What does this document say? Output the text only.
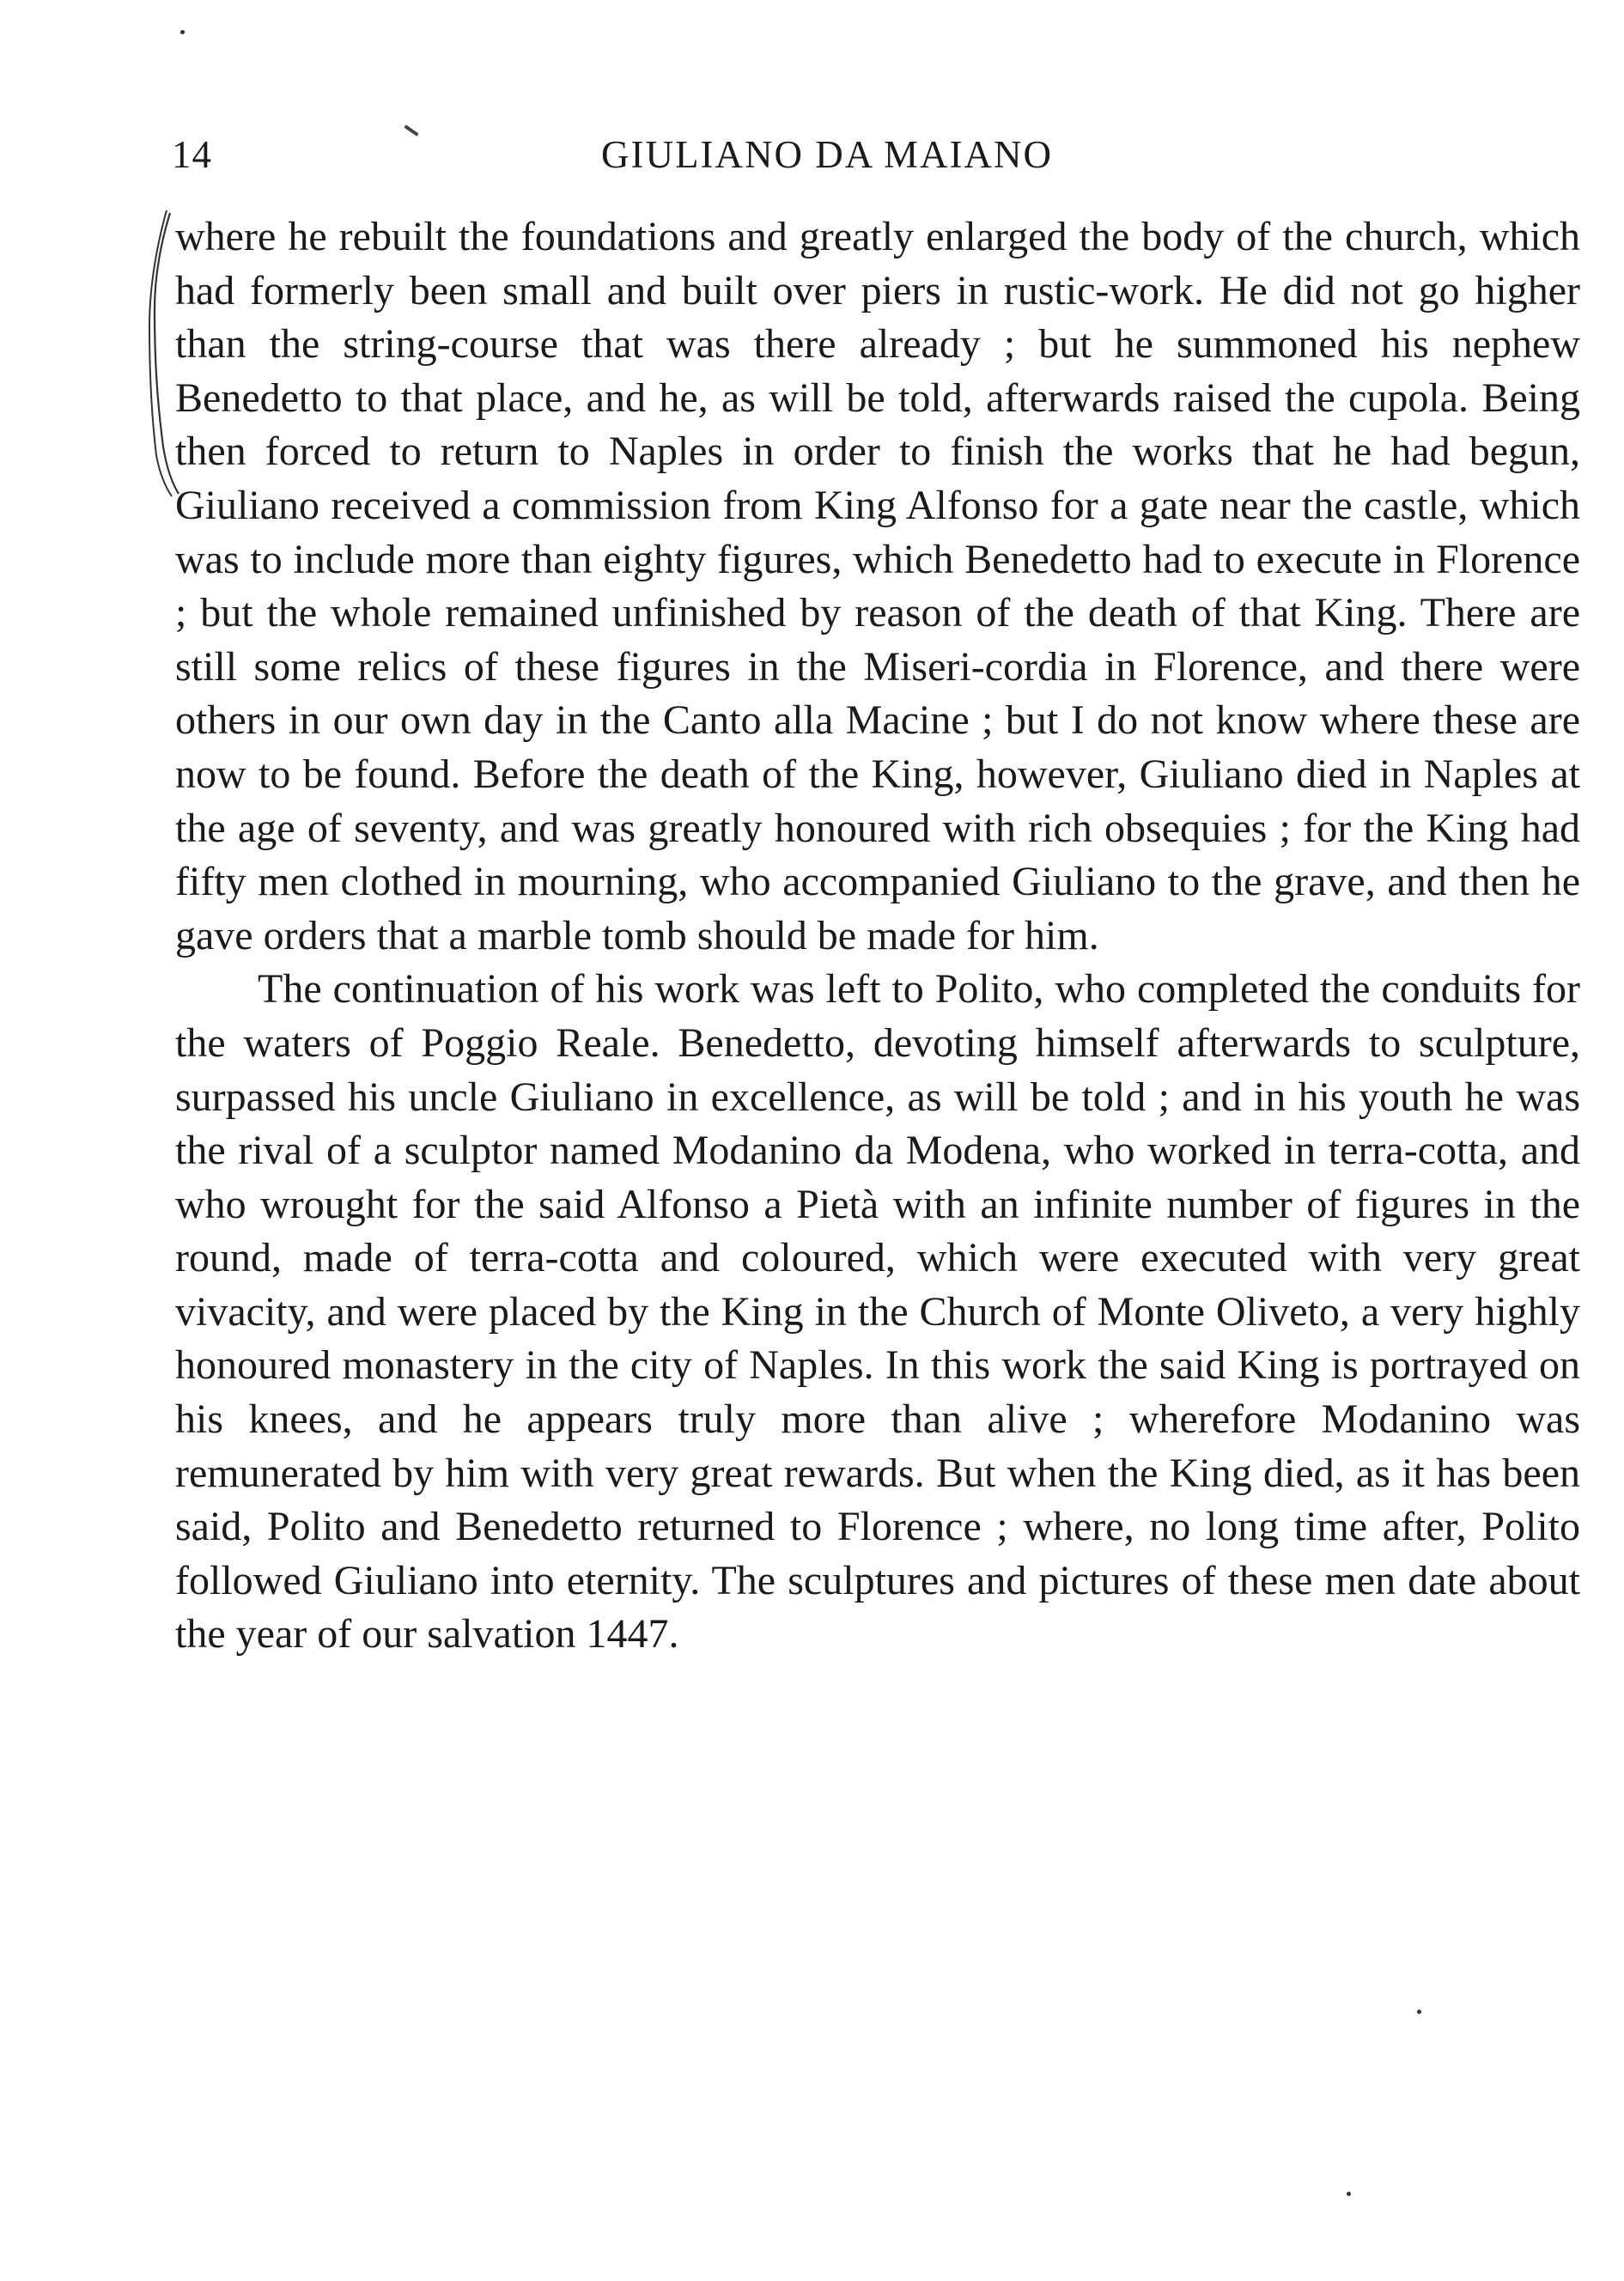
14	GIULIANO DA MAIANO

where he rebuilt the foundations and greatly enlarged the body of the church, which had formerly been small and built over piers in rustic-work. He did not go higher than the string-course that was there already ; but he summoned his nephew Benedetto to that place, and he, as will be told, afterwards raised the cupola. Being then forced to return to Naples in order to finish the works that he had begun, Giuliano received a commission from King Alfonso for a gate near the castle, which was to include more than eighty figures, which Benedetto had to execute in Florence ; but the whole remained unfinished by reason of the death of that King. There are still some relics of these figures in the Miseri-cordia in Florence, and there were others in our own day in the Canto alla Macine ; but I do not know where these are now to be found. Before the death of the King, however, Giuliano died in Naples at the age of seventy, and was greatly honoured with rich obsequies ; for the King had fifty men clothed in mourning, who accompanied Giuliano to the grave, and then he gave orders that a marble tomb should be made for him.

The continuation of his work was left to Polito, who completed the conduits for the waters of Poggio Reale. Benedetto, devoting himself afterwards to sculpture, surpassed his uncle Giuliano in excellence, as will be told ; and in his youth he was the rival of a sculptor named Modanino da Modena, who worked in terra-cotta, and who wrought for the said Alfonso a Pietà with an infinite number of figures in the round, made of terra-cotta and coloured, which were executed with very great vivacity, and were placed by the King in the Church of Monte Oliveto, a very highly honoured monastery in the city of Naples. In this work the said King is portrayed on his knees, and he appears truly more than alive ; wherefore Modanino was remunerated by him with very great rewards. But when the King died, as it has been said, Polito and Benedetto returned to Florence ; where, no long time after, Polito followed Giuliano into eternity. The sculptures and pictures of these men date about the year of our salvation 1447.
